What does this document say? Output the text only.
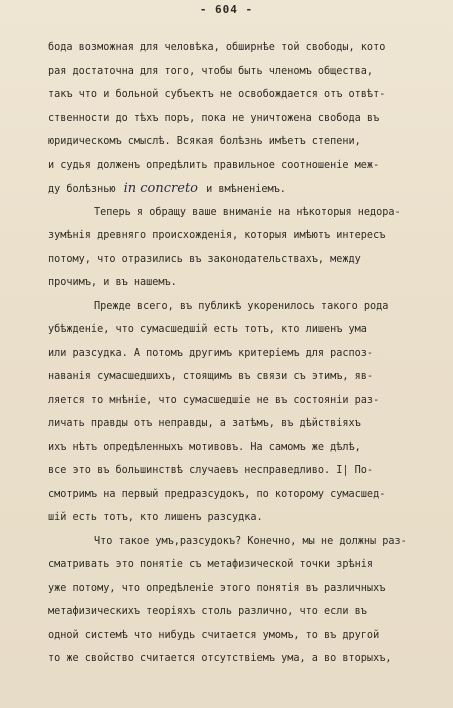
- 604 -
бода возможная для человѣка, обширнѣе той свободы, кото
рая достаточна для того, чтобы быть членомъ общества,
такъ что и больной субъектъ не освобождается отъ отвѣт-
ственности до тѣхъ поръ, пока не уничтожена свобода въ
юридическомъ смыслѣ. Всякая болѣзнь имѣетъ степени,
и судья долженъ опредѣлить правильное соотношеніе меж-
ду болѣзнью in concreto и вмѣненіемъ.
Теперь я обращу ваше вниманіе на нѣкоторыя недора-
зумѣнія древняго происхожденія, которыя имѣютъ интересъ
потому, что отразились въ законодательствахъ, между
прочимъ, и въ нашемъ.
Прежде всего, въ публикѣ укоренилось такого рода
убѣжденіе, что сумасшедшій есть тотъ, кто лишенъ ума
или разсудка. А потомъ другимъ критеріемъ для распоз-
наванія сумасшедшихъ, стоящимъ въ связи съ этимъ, яв-
ляется то мнѣніе, что сумасшедшіе не въ состояніи раз-
личать правды отъ неправды, а затѣмъ, въ дѣйствіяхъ
ихъ нѣтъ опредѣленныхъ мотивовъ. На самомъ же дѣлѣ,
все это въ большинствѣ случаевъ несправедливо. I| По-
смотримъ на первый предразсудокъ, по которому сумасшед-
шій есть тотъ, кто лишенъ разсудка.
Что такое умъ,разсудокъ? Конечно, мы не должны раз-
сматривать это понятіе съ метафизической точки зрѣнія
уже потому, что опредѣленіе этого понятія въ различныхъ
метафизическихъ теоріяхъ столь различно, что если въ
одной системѣ что нибудь считается умомъ, то въ другой
то же свойство считается отсутствіемъ ума, а во вторыхъ,
